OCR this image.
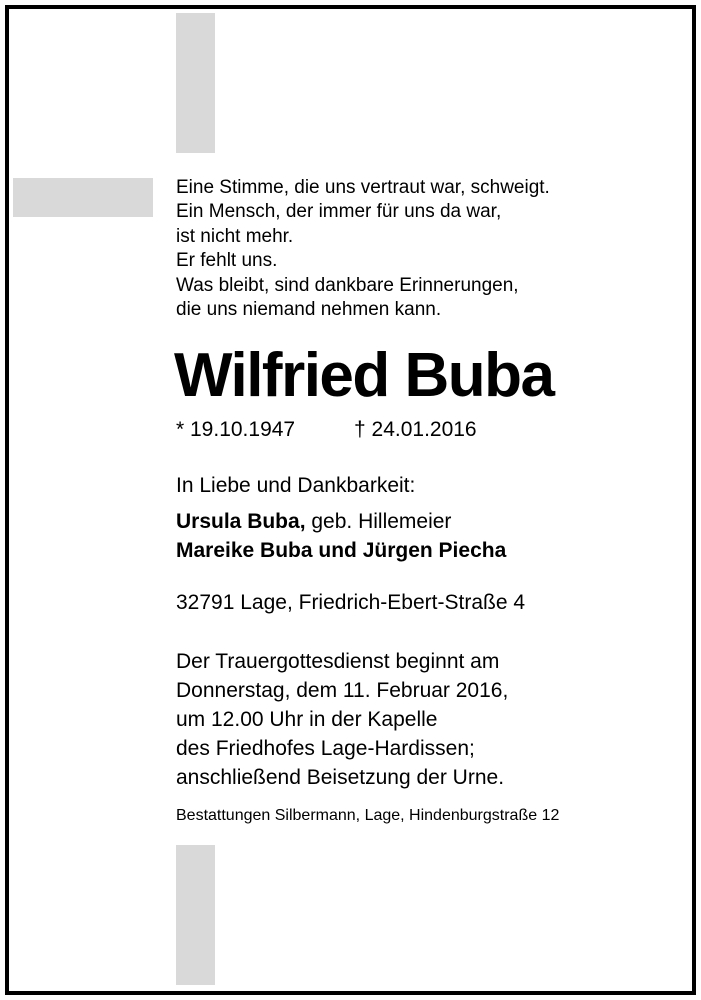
Eine Stimme, die uns vertraut war, schweigt.
Ein Mensch, der immer für uns da war,
ist nicht mehr.
Er fehlt uns.
Was bleibt, sind dankbare Erinnerungen,
die uns niemand nehmen kann.
Wilfried Buba
* 19.10.1947	† 24.01.2016
In Liebe und Dankbarkeit:
Ursula Buba, geb. Hillemeier
Mareike Buba und Jürgen Piecha
32791 Lage, Friedrich-Ebert-Straße 4
Der Trauergottesdienst beginnt am
Donnerstag, dem 11. Februar 2016,
um 12.00 Uhr in der Kapelle
des Friedhofes Lage-Hardissen;
anschließend Beisetzung der Urne.
Bestattungen Silbermann, Lage, Hindenburgstraße 12
